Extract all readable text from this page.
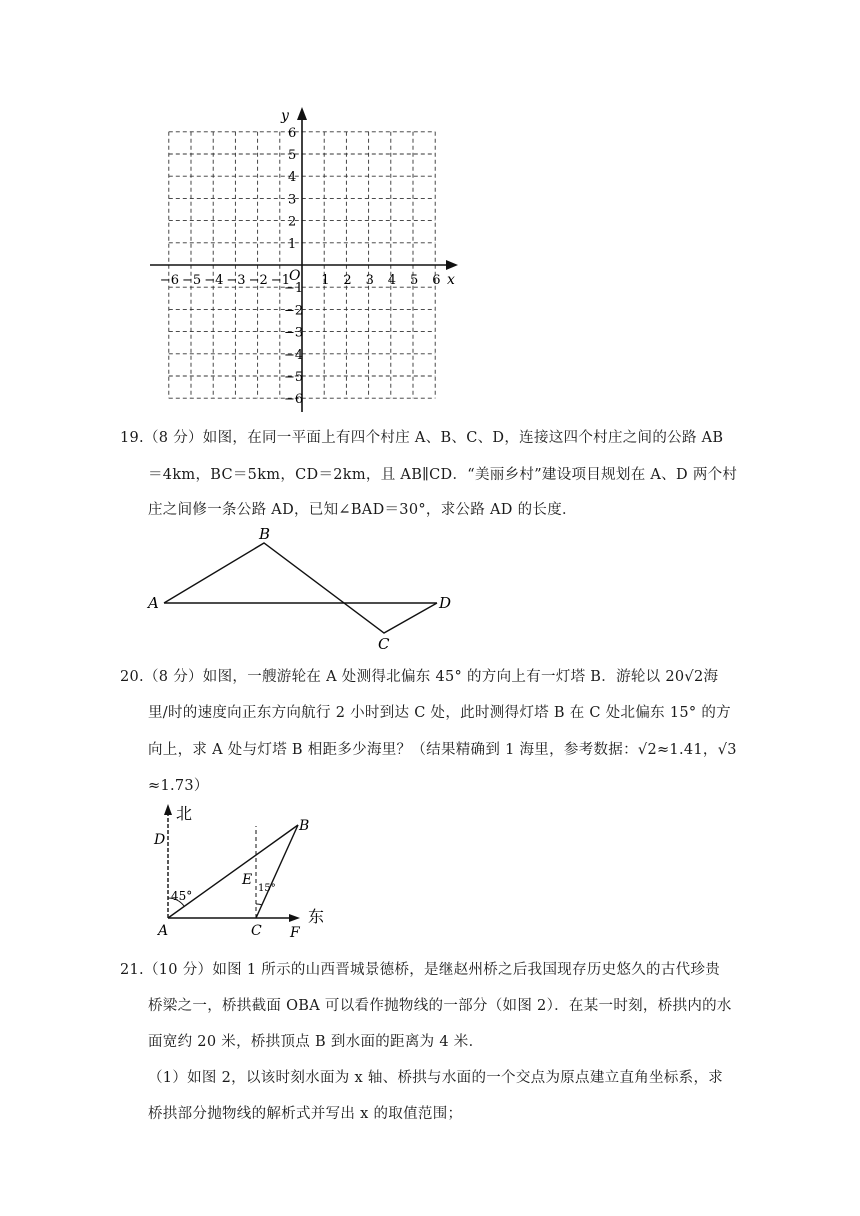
x
y
O
−6 −5 −4 −3 −2 −1 1 2 3 4 5 6
6
5
4
3
2
1
−1
−2
−3
−4
−5
−6
19.（8 分）如图，在同一平面上有四个村庄 A、B、C、D，连接这四个村庄之间的公路 AB
＝4km，BC＝5km，CD＝2km，且 AB∥CD．“美丽乡村”建设项目规划在 A、D 两个村
庄之间修一条公路 AD，已知∠BAD＝30°，求公路 AD 的长度．
A
B
C
D
20.（8 分）如图，一艘游轮在 A 处测得北偏东 45° 的方向上有一灯塔 B．游轮以 20√2海
里/时的速度向正东方向航行 2 小时到达 C 处，此时测得灯塔 B 在 C 处北偏东 15° 的方
向上，求 A 处与灯塔 B 相距多少海里？（结果精确到 1 海里，参考数据：√2≈1.41，√3
≈1.73）
北
东
45°
15°
A
B
C
D
E
F
21.（10 分）如图 1 所示的山西晋城景德桥，是继赵州桥之后我国现存历史悠久的古代珍贵
桥梁之一，桥拱截面 OBA 可以看作抛物线的一部分（如图 2）．在某一时刻，桥拱内的水
面宽约 20 米，桥拱顶点 B 到水面的距离为 4 米．
（1）如图 2，以该时刻水面为 x 轴、桥拱与水面的一个交点为原点建立直角坐标系，求
桥拱部分抛物线的解析式并写出 x 的取值范围；
